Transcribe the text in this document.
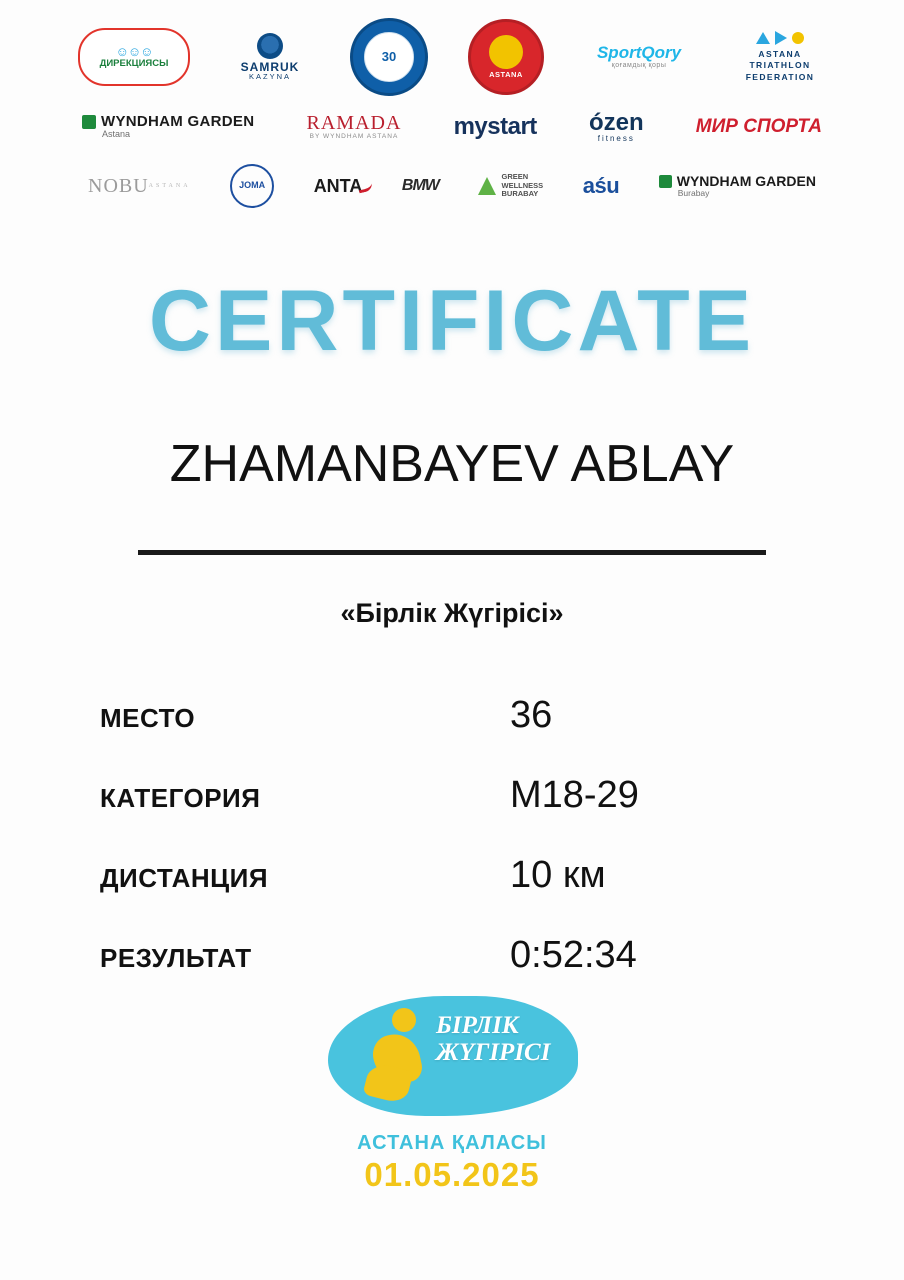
☺☺☺
ДИРЕКЦИЯСЫ	SAMRUK
KAZYNA
30
ASTANA
SportQory
қоғамдық қоры
ASTANA
TRIATHLON
FEDERATION
WYNDHAM GARDEN
Astana
RAMADA
BY WYNDHAM ASTANA mystart ózen
fitness
МИР СПОРТА
NOBU ASTANA	JOMA	ANTA BMW
GREEN
WELLNESS
BURABAY aśu	WYNDHAM GARDEN
Burabay
CERTIFICATE
ZHAMANBAYEV ABLAY
«Бірлік Жүгірісі»
МЕСТО	36
КАТЕГОРИЯ	M18-29
ДИСТАНЦИЯ	10 км
РЕЗУЛЬТАТ	0:52:34
БІРЛІК
ЖҮГІРІСІ
АСТАНА ҚАЛАСЫ
01.05.2025
